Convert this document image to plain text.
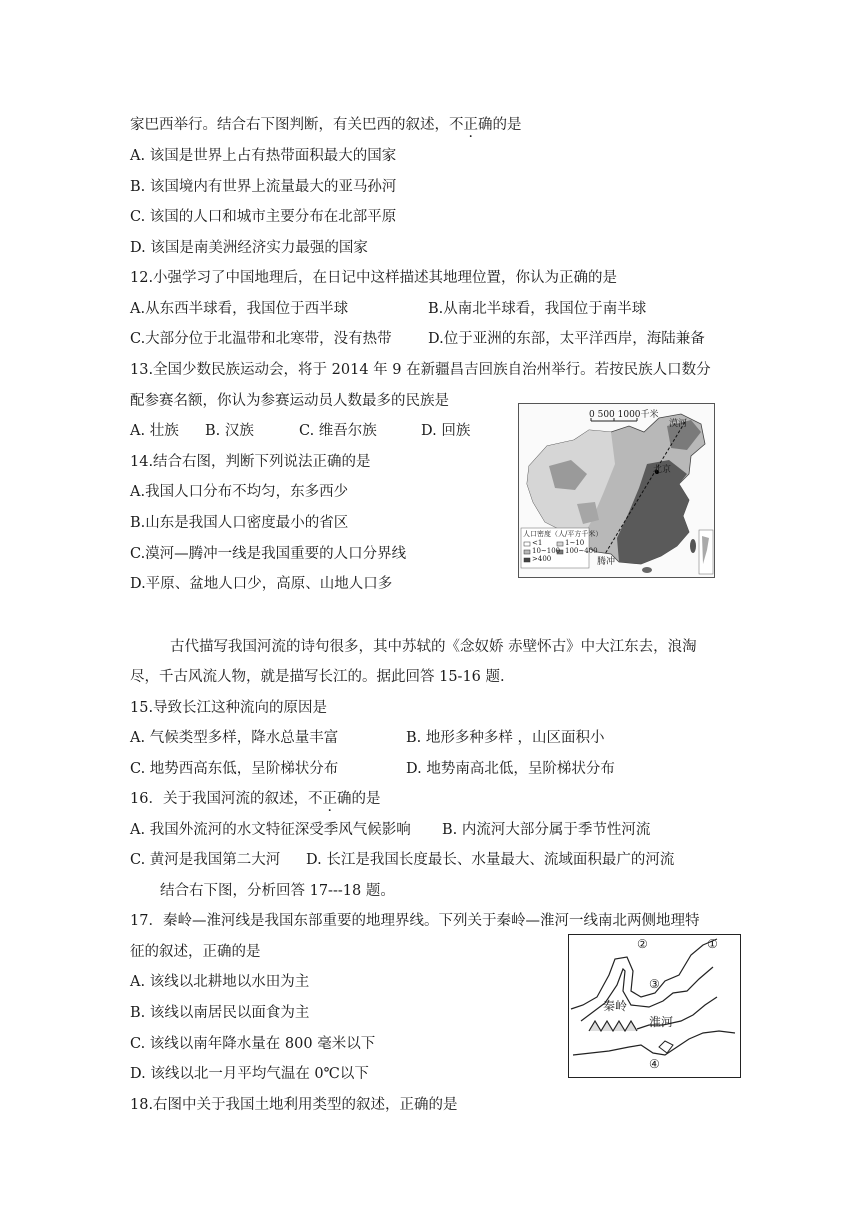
家巴西举行。结合右下图判断，有关巴西的叙述，不正确的是
A. 该国是世界上占有热带面积最大的国家
B. 该国境内有世界上流量最大的亚马孙河
C. 该国的人口和城市主要分布在北部平原
D. 该国是南美洲经济实力最强的国家
12.小强学习了中国地理后，在日记中这样描述其地理位置，你认为正确的是
A.从东西半球看，我国位于西半球	B.从南北半球看，我国位于南半球
C.大部分位于北温带和北寒带，没有热带	D.位于亚洲的东部，太平洋西岸，海陆兼备
13.全国少数民族运动会，将于 2014 年 9 在新疆昌吉回族自治州举行。若按民族人口数分
配参赛名额，你认为参赛运动员人数最多的民族是
A. 壮族 B. 汉族	C. 维吾尔族	D. 回族
14.结合右图，判断下列说法正确的是
A.我国人口分布不均匀，东多西少
B.山东是我国人口密度最小的省区
C.漠河—腾冲一线是我国重要的人口分界线
D.平原、盆地人口少，高原、山地人口多
0 500 1000千米
漠河
北京
腾冲
人口密度（人/平方千米）
<1	1~10
10~100 100~400
>400
古代描写我国河流的诗句很多，其中苏轼的《念奴娇 赤壁怀古》中大江东去，浪淘
尽，千古风流人物，就是描写长江的。据此回答 15-16 题.
15.导致长江这种流向的原因是
A. 气候类型多样，降水总量丰富	B. 地形多种多样 ，山区面积小
C. 地势西高东低，呈阶梯状分布	D. 地势南高北低，呈阶梯状分布
16．关于我国河流的叙述，不正确的是
A. 我国外流河的水文特征深受季风气候影响 B. 内流河大部分属于季节性河流
C. 黄河是我国第二大河 D. 长江是我国长度最长、水量最大、流域面积最广的河流
结合右下图，分析回答 17---18 题。
17．秦岭—淮河线是我国东部重要的地理界线。下列关于秦岭—淮河一线南北两侧地理特
征的叙述，正确的是
A. 该线以北耕地以水田为主
B. 该线以南居民以面食为主
C. 该线以南年降水量在 800 毫米以下
D. 该线以北一月平均气温在 0℃以下
①
②
③
④
秦岭
淮河
18.右图中关于我国土地利用类型的叙述，正确的是
